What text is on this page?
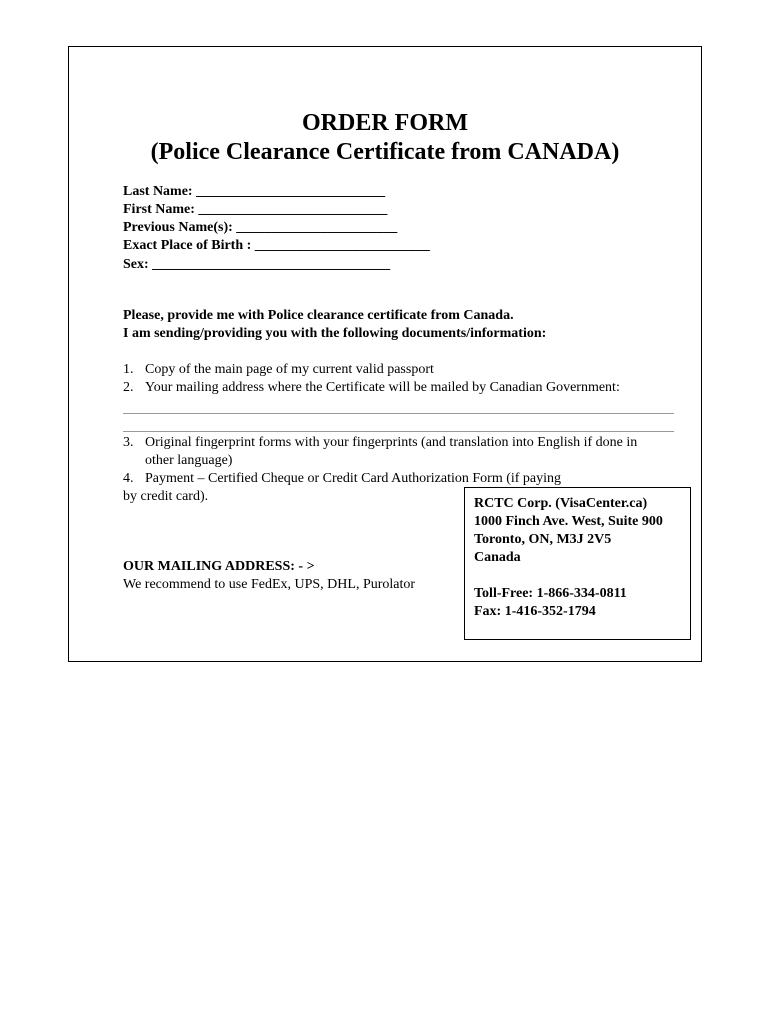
ORDER FORM
(Police Clearance Certificate from CANADA)
Last Name: ___________________________
First Name: ___________________________
Previous Name(s): _______________________
Exact Place of Birth : _________________________
Sex: __________________________________
Please, provide me with Police clearance certificate from Canada.
I am sending/providing you with the following documents/information:
1. Copy of the main page of my current valid passport
2. Your mailing address where the Certificate will be mailed by Canadian Government:
3. Original fingerprint forms with your fingerprints (and translation into English if done in
other language)
4. Payment – Certified Cheque or Credit Card Authorization Form (if paying
by credit card).
OUR MAILING ADDRESS: - >
We recommend to use FedEx, UPS, DHL, Purolator
RCTC Corp. (VisaCenter.ca)
1000 Finch Ave. West, Suite 900
Toronto, ON, M3J 2V5
Canada
Toll-Free: 1-866-334-0811
Fax: 1-416-352-1794
